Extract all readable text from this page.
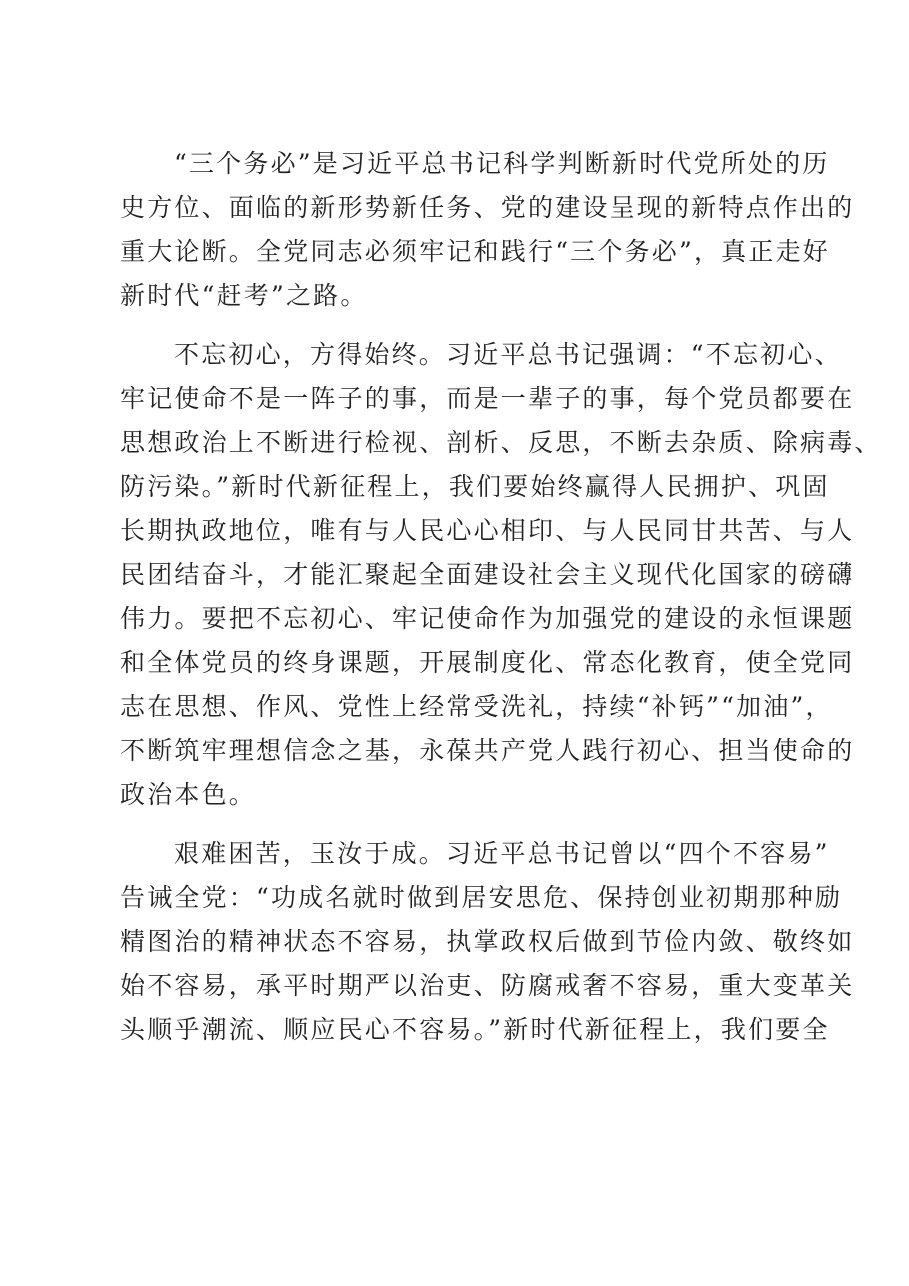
“三个务必”是习近平总书记科学判断新时代党所处的历
史方位、面临的新形势新任务、党的建设呈现的新特点作出的
重大论断。全党同志必须牢记和践行“三个务必”，真正走好
新时代“赶考”之路。

不忘初心，方得始终。习近平总书记强调：“不忘初心、
牢记使命不是一阵子的事，而是一辈子的事，每个党员都要在
思想政治上不断进行检视、剖析、反思，不断去杂质、除病毒、
防污染。”新时代新征程上，我们要始终赢得人民拥护、巩固
长期执政地位，唯有与人民心心相印、与人民同甘共苦、与人
民团结奋斗，才能汇聚起全面建设社会主义现代化国家的磅礴
伟力。要把不忘初心、牢记使命作为加强党的建设的永恒课题
和全体党员的终身课题，开展制度化、常态化教育，使全党同
志在思想、作风、党性上经常受洗礼，持续“补钙”“加油”，
不断筑牢理想信念之基，永葆共产党人践行初心、担当使命的
政治本色。

艰难困苦，玉汝于成。习近平总书记曾以“四个不容易”
告诫全党：“功成名就时做到居安思危、保持创业初期那种励
精图治的精神状态不容易，执掌政权后做到节俭内敛、敬终如
始不容易，承平时期严以治吏、防腐戒奢不容易，重大变革关
头顺乎潮流、顺应民心不容易。”新时代新征程上，我们要全
